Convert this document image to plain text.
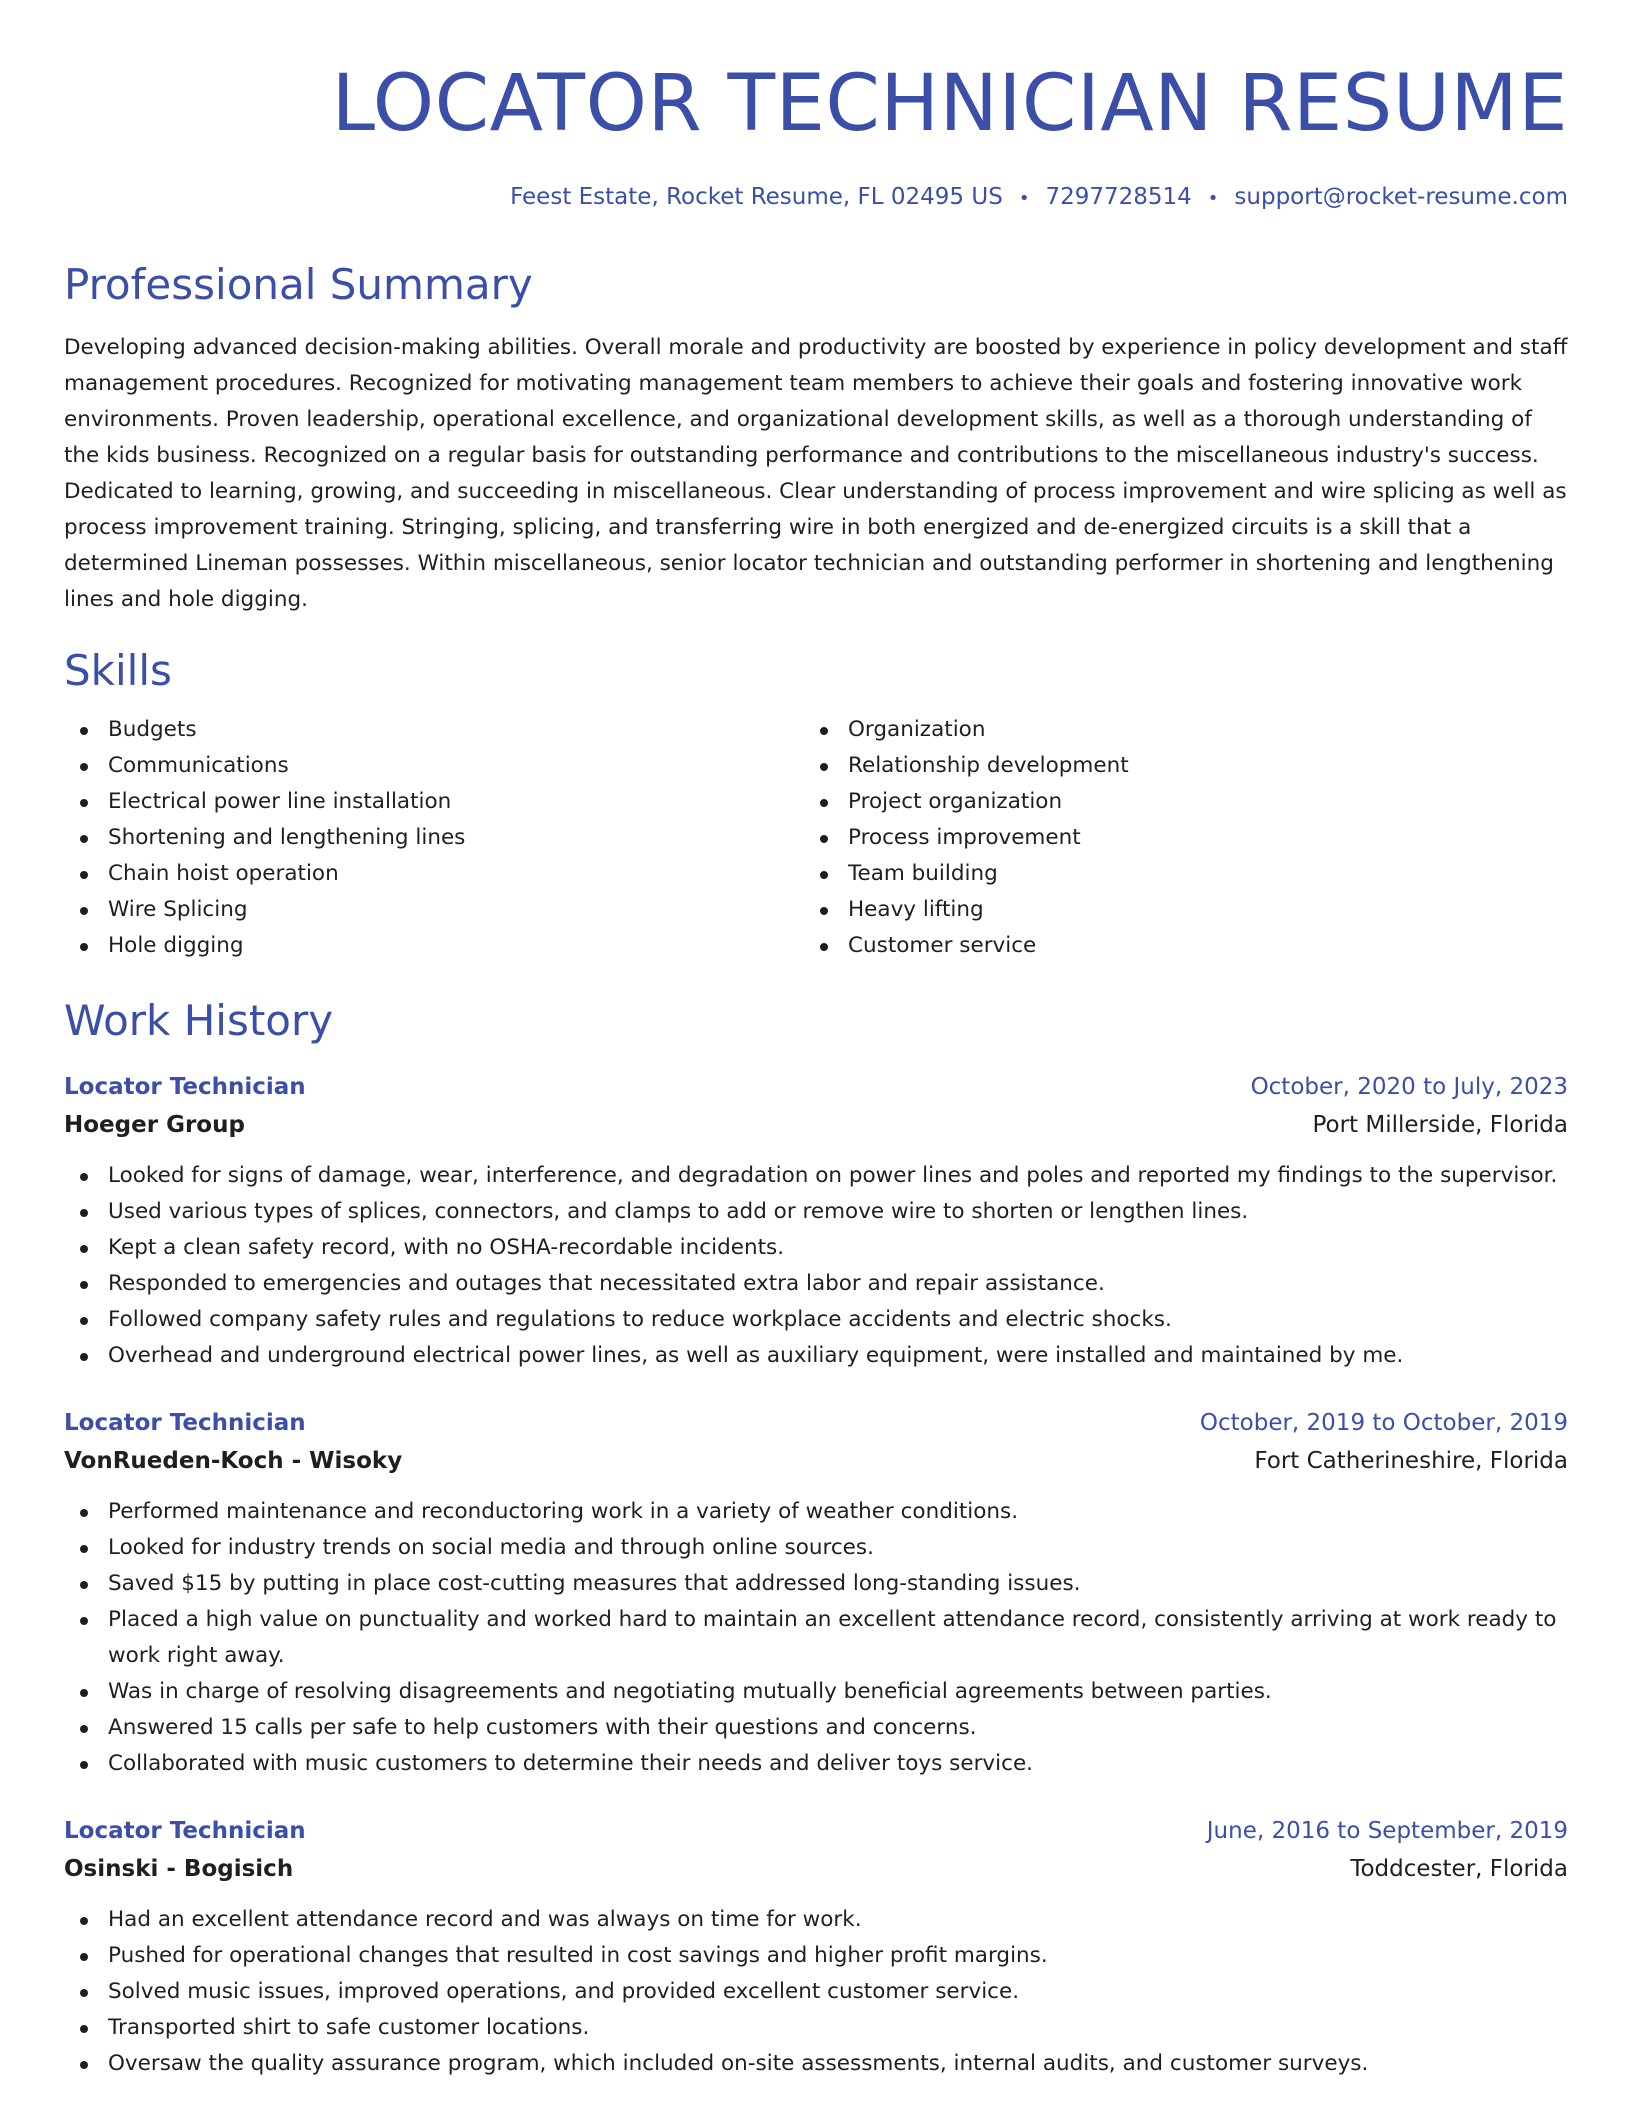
LOCATOR TECHNICIAN RESUME
Feest Estate, Rocket Resume, FL 02495 US • 7297728514 • support@rocket-resume.com
Professional Summary

Developing advanced decision-making abilities. Overall morale and productivity are boosted by experience in policy development and staff management procedures. Recognized for motivating management team members to achieve their goals and fostering innovative work environments. Proven leadership, operational excellence, and organizational development skills, as well as a thorough understanding of the kids business. Recognized on a regular basis for outstanding performance and contributions to the miscellaneous industry's success. Dedicated to learning, growing, and succeeding in miscellaneous. Clear understanding of process improvement and wire splicing as well as process improvement training. Stringing, splicing, and transferring wire in both energized and de-energized circuits is a skill that a determined Lineman possesses. Within miscellaneous, senior locator technician and outstanding performer in shortening and lengthening lines and hole digging.

Skills
Budgets
Communications
Electrical power line installation
Shortening and lengthening lines
Chain hoist operation
Wire Splicing
Hole digging
Organization
Relationship development
Project organization
Process improvement
Team building
Heavy lifting
Customer service
Work History
Locator Technician	October, 2020 to July, 2023
Hoeger Group	Port Millerside, Florida
Looked for signs of damage, wear, interference, and degradation on power lines and poles and reported my findings to the supervisor.
Used various types of splices, connectors, and clamps to add or remove wire to shorten or lengthen lines.
Kept a clean safety record, with no OSHA-recordable incidents.
Responded to emergencies and outages that necessitated extra labor and repair assistance.
Followed company safety rules and regulations to reduce workplace accidents and electric shocks.
Overhead and underground electrical power lines, as well as auxiliary equipment, were installed and maintained by me.
Locator Technician	October, 2019 to October, 2019
VonRueden-Koch - Wisoky	Fort Catherineshire, Florida
Performed maintenance and reconductoring work in a variety of weather conditions.
Looked for industry trends on social media and through online sources.
Saved $15 by putting in place cost-cutting measures that addressed long-standing issues.
Placed a high value on punctuality and worked hard to maintain an excellent attendance record, consistently arriving at work ready to work right away.
Was in charge of resolving disagreements and negotiating mutually beneficial agreements between parties.
Answered 15 calls per safe to help customers with their questions and concerns.
Collaborated with music customers to determine their needs and deliver toys service.
Locator Technician	June, 2016 to September, 2019
Osinski - Bogisich	Toddcester, Florida
Had an excellent attendance record and was always on time for work.
Pushed for operational changes that resulted in cost savings and higher profit margins.
Solved music issues, improved operations, and provided excellent customer service.
Transported shirt to safe customer locations.
Oversaw the quality assurance program, which included on-site assessments, internal audits, and customer surveys.
